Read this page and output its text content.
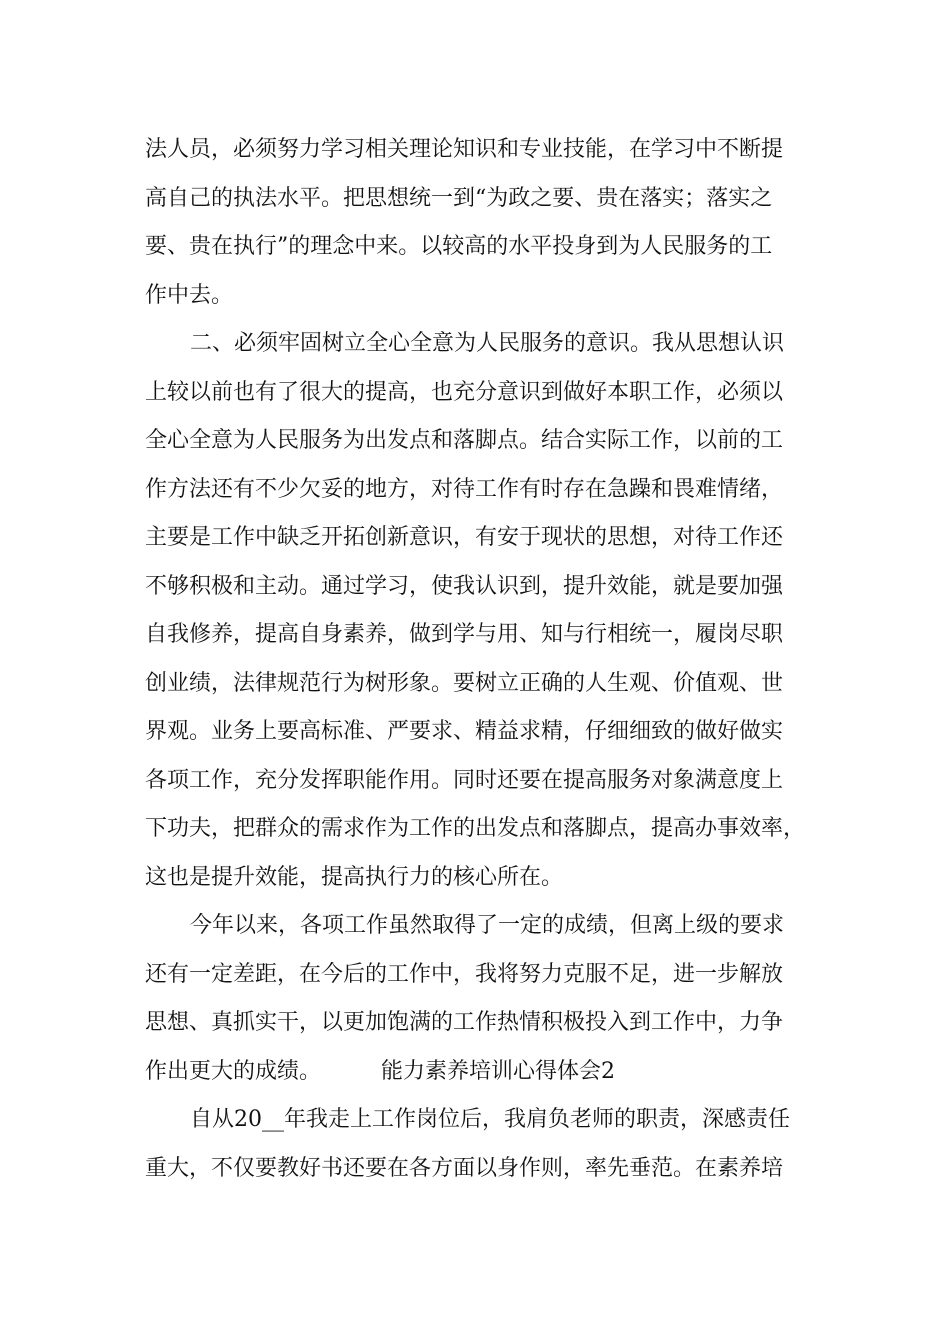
法人员，必须努力学习相关理论知识和专业技能，在学习中不断提
高自己的执法水平。把思想统一到“为政之要、贵在落实；落实之
要、贵在执行”的理念中来。以较高的水平投身到为人民服务的工
作中去。
二、必须牢固树立全心全意为人民服务的意识。我从思想认识
上较以前也有了很大的提高，也充分意识到做好本职工作，必须以
全心全意为人民服务为出发点和落脚点。结合实际工作，以前的工
作方法还有不少欠妥的地方，对待工作有时存在急躁和畏难情绪，
主要是工作中缺乏开拓创新意识，有安于现状的思想，对待工作还
不够积极和主动。通过学习，使我认识到，提升效能，就是要加强
自我修养，提高自身素养，做到学与用、知与行相统一，履岗尽职
创业绩，法律规范行为树形象。要树立正确的人生观、价值观、世
界观。业务上要高标准、严要求、精益求精，仔细细致的做好做实
各项工作，充分发挥职能作用。同时还要在提高服务对象满意度上
下功夫，把群众的需求作为工作的出发点和落脚点，提高办事效率，
这也是提升效能，提高执行力的核心所在。
今年以来，各项工作虽然取得了一定的成绩，但离上级的要求
还有一定差距，在今后的工作中，我将努力克服不足，进一步解放
思想、真抓实干，以更加饱满的工作热情积极投入到工作中，力争
作出更大的成绩。	能力素养培训心得体会2
自从20__年我走上工作岗位后，我肩负老师的职责，深感责任
重大，不仅要教好书还要在各方面以身作则，率先垂范。在素养培
